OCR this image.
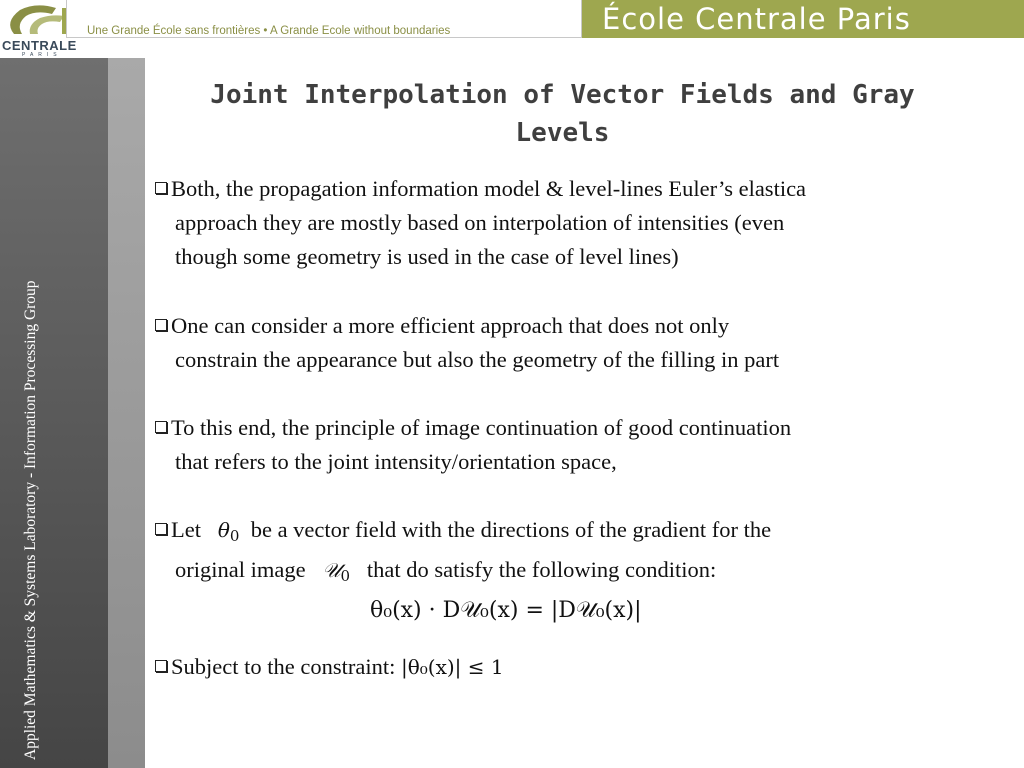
CENTRALE
PARIS
Une Grande École sans frontières • A Grande Ecole without boundaries	École Centrale Paris
Applied Mathematics & Systems Laboratory - Information Processing Group
Joint Interpolation of Vector Fields and Gray Levels
Both, the propagation information model & level-lines Euler’s elastica
approach they are mostly based on interpolation of intensities (even
though some geometry is used in the case of level lines)
One can consider a more efficient approach that does not only
constrain the appearance but also the geometry of the filling in part
To this end, the principle of image continuation of good continuation
that refers to the joint intensity/orientation space,
Let $\theta_0$ be a vector field with the directions of the gradient for the
original image 𝒰$_0$ that do satisfy the following condition:
θ₀(x) · D𝒰₀(x) = |D𝒰₀(x)|
Subject to the constraint: |θ₀(x)| ≤ 1
